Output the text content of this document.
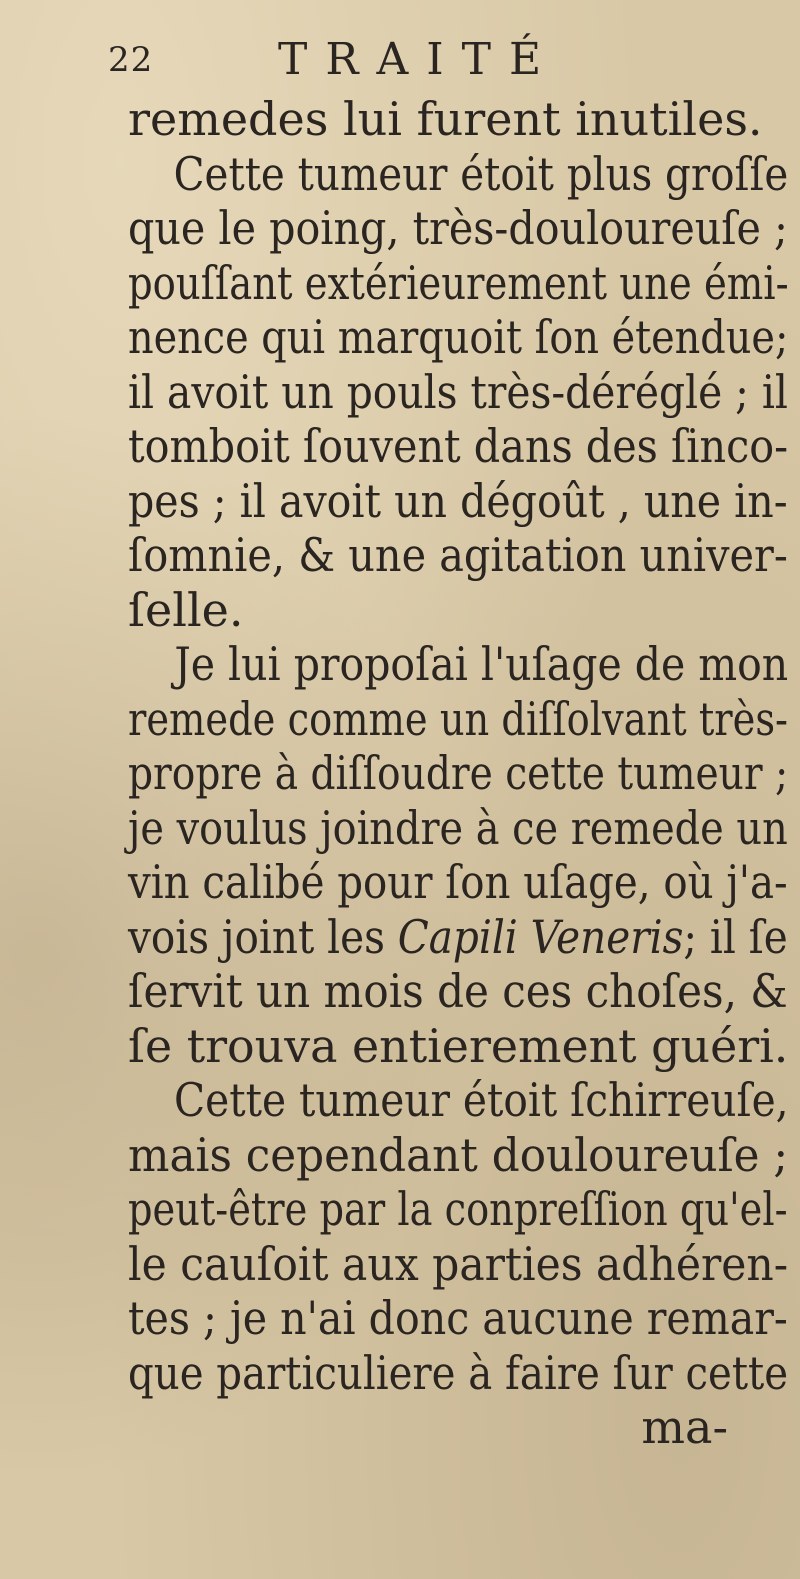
22	TRAITÉ
remedes lui furent inutiles.
Cette tumeur étoit plus groſſe
que le poing, très-douloureuſe ;
pouſſant extérieurement une émi-
nence qui marquoit ſon étendue;
il avoit un pouls très-déréglé ; il
tomboit ſouvent dans des ſinco-
pes ; il avoit un dégoût , une in-
ſomnie, & une agitation univer-
ſelle.
Je lui propoſai l'uſage de mon
remede comme un diſſolvant très-
propre à diſſoudre cette tumeur ;
je voulus joindre à ce remede un
vin calibé pour ſon uſage, où j'a-
vois joint les Capili Veneris; il ſe
ſervit un mois de ces choſes, &
ſe trouva entierement guéri.
Cette tumeur étoit ſchirreuſe,
mais cependant douloureuſe ;
peut-être par la conpreſſion qu'el-
le cauſoit aux parties adhéren-
tes ; je n'ai donc aucune remar-
que particuliere à faire ſur cette
ma-
